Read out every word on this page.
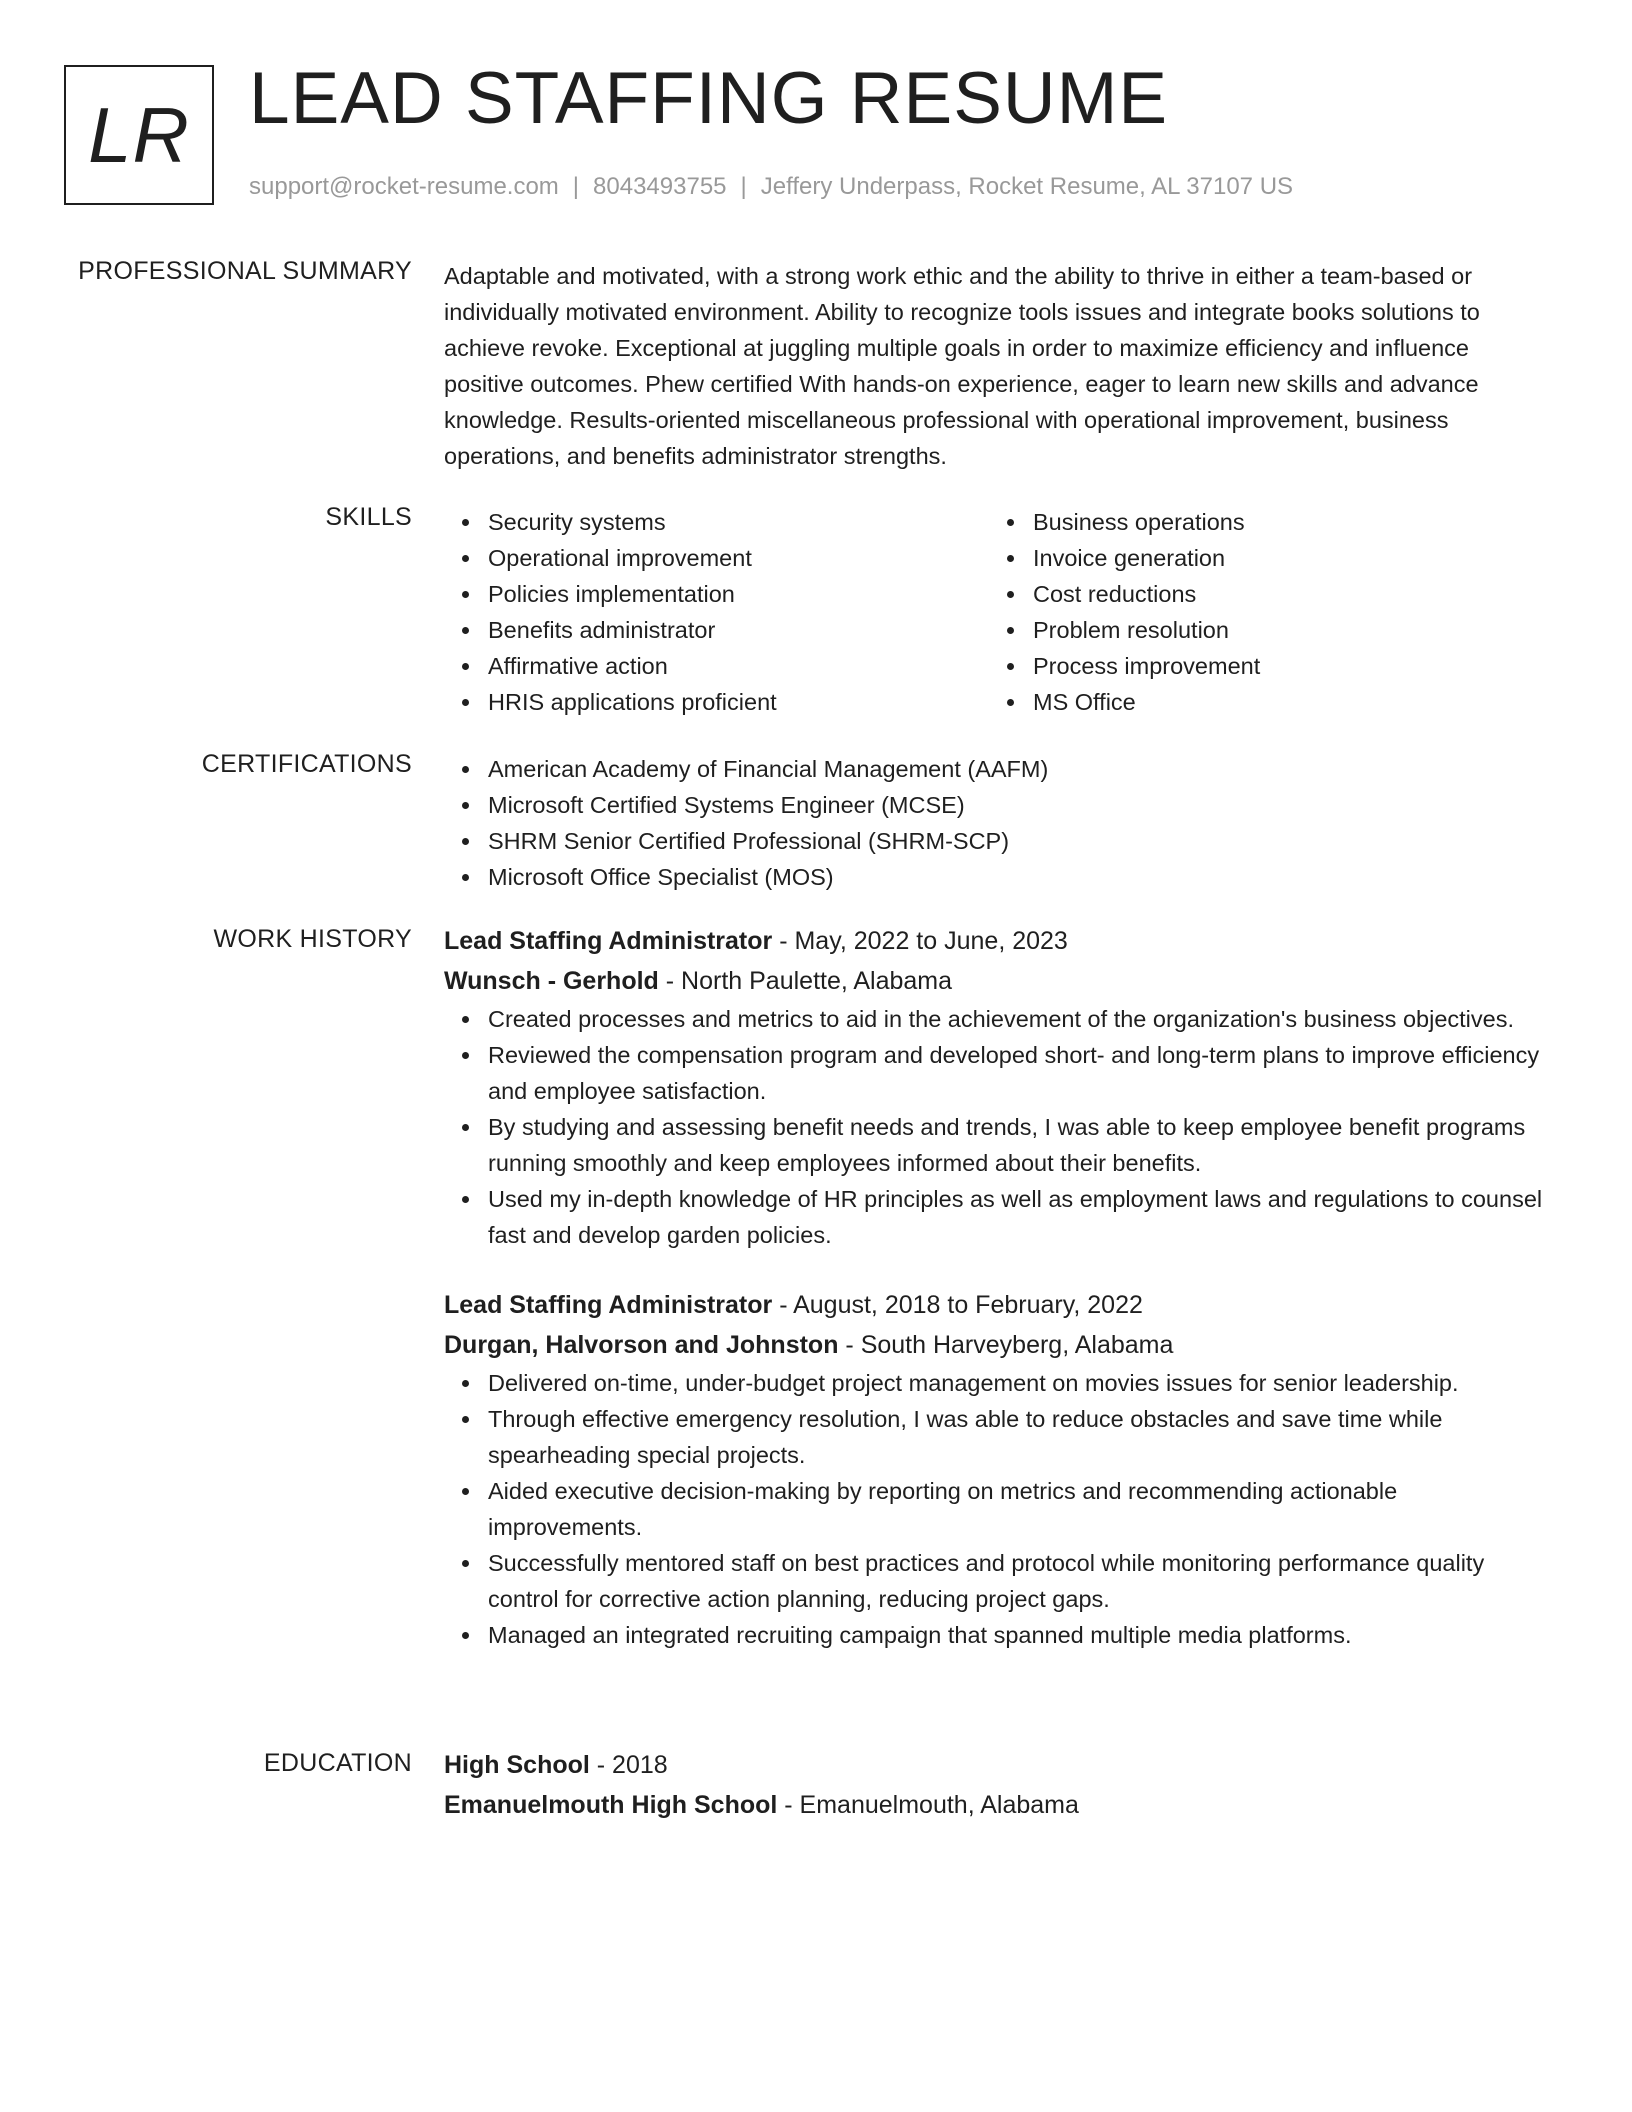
LR LEAD STAFFING RESUME
support@rocket-resume.com | 8043493755 | Jeffery Underpass, Rocket Resume, AL 37107 US
PROFESSIONAL SUMMARY Adaptable and motivated, with a strong work ethic and the ability to thrive in either a team-based or individually motivated environment. Ability to recognize tools issues and integrate books solutions to achieve revoke. Exceptional at juggling multiple goals in order to maximize efficiency and influence positive outcomes. Phew certified With hands-on experience, eager to learn new skills and advance knowledge. Results-oriented miscellaneous professional with operational improvement, business operations, and benefits administrator strengths.

SKILLS	Security systems
Operational improvement
Policies implementation
Benefits administrator
Affirmative action
HRIS applications proficient
Business operations
Invoice generation
Cost reductions
Problem resolution
Process improvement
MS Office
CERTIFICATIONS	American Academy of Financial Management (AAFM)
Microsoft Certified Systems Engineer (MCSE)
SHRM Senior Certified Professional (SHRM-SCP)
Microsoft Office Specialist (MOS)
WORK HISTORY Lead Staffing Administrator - May, 2022 to June, 2023
Wunsch - Gerhold - North Paulette, Alabama
Created processes and metrics to aid in the achievement of the organization's business objectives.
Reviewed the compensation program and developed short- and long-term plans to improve efficiency and employee satisfaction.
By studying and assessing benefit needs and trends, I was able to keep employee benefit programs running smoothly and keep employees informed about their benefits.
Used my in-depth knowledge of HR principles as well as employment laws and regulations to counsel fast and develop garden policies.
Lead Staffing Administrator - August, 2018 to February, 2022
Durgan, Halvorson and Johnston - South Harveyberg, Alabama
Delivered on-time, under-budget project management on movies issues for senior leadership.
Through effective emergency resolution, I was able to reduce obstacles and save time while spearheading special projects.
Aided executive decision-making by reporting on metrics and recommending actionable improvements.
Successfully mentored staff on best practices and protocol while monitoring performance quality control for corrective action planning, reducing project gaps.
Managed an integrated recruiting campaign that spanned multiple media platforms.
EDUCATION High School - 2018
Emanuelmouth High School - Emanuelmouth, Alabama
